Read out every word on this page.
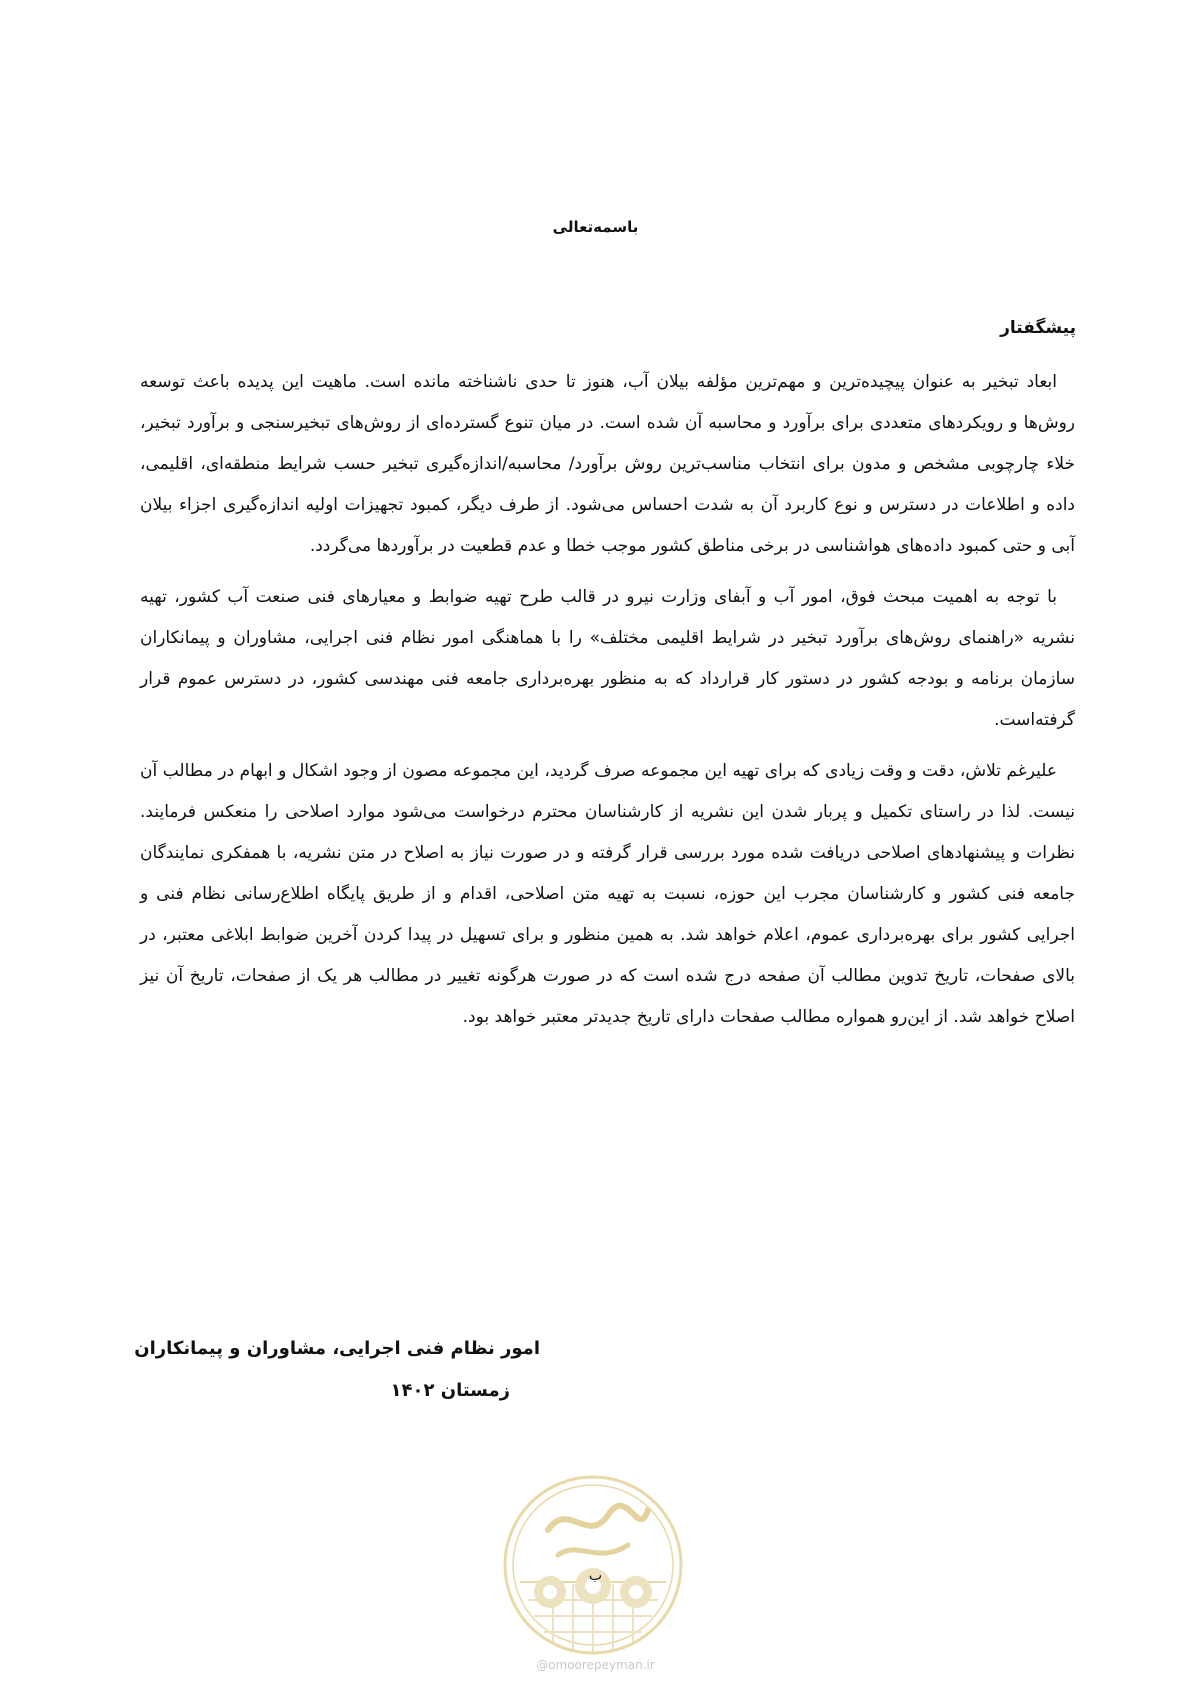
باسمه‌تعالی
پیشگفتار

ابعاد تبخیر به عنوان پیچیده‌ترین و مهم‌ترین مؤلفه بیلان آب، هنوز تا حدی ناشناخته مانده است. ماهیت این پدیده باعث توسعه روش‌ها و رویکردهای متعددی برای برآورد و محاسبه آن شده است. در میان تنوع گسترده‌ای از روش‌های تبخیرسنجی و برآورد تبخیر، خلاء چارچوبی مشخص و مدون برای انتخاب مناسب‌ترین روش برآورد/ محاسبه/اندازه‌گیری تبخیر حسب شرایط منطقه‌ای، اقلیمی، داده و اطلاعات در دسترس و نوع کاربرد آن به شدت احساس می‌شود. از طرف دیگر، کمبود تجهیزات اولیه اندازه‌گیری اجزاء بیلان آبی و حتی کمبود داده‌های هواشناسی در برخی مناطق کشور موجب خطا و عدم قطعیت در برآوردها می‌گردد.

با توجه به اهمیت مبحث فوق، امور آب و آبفای وزارت نیرو در قالب طرح تهیه ضوابط و معیارهای فنی صنعت آب کشور، تهیه نشریه «راهنمای روش‌های برآورد تبخیر در شرایط اقلیمی مختلف» را با هماهنگی امور نظام فنی اجرایی، مشاوران و پیمانکاران سازمان برنامه و بودجه کشور در دستور کار قرارداد که به منظور بهره‌برداری جامعه فنی مهندسی کشور، در دسترس عموم قرار گرفته‌است.

علیرغم تلاش، دقت و وقت زیادی که برای تهیه این مجموعه صرف گردید، این مجموعه مصون از وجود اشکال و ابهام در مطالب آن نیست. لذا در راستای تکمیل و پربار شدن این نشریه از کارشناسان محترم درخواست می‌شود موارد اصلاحی را منعکس فرمایند. نظرات و پیشنهادهای اصلاحی دریافت شده مورد بررسی قرار گرفته و در صورت نیاز به اصلاح در متن نشریه، با همفکری نمایندگان جامعه فنی کشور و کارشناسان مجرب این حوزه، نسبت به تهیه متن اصلاحی، اقدام و از طریق پایگاه اطلاع‌رسانی نظام فنی و اجرایی کشور برای بهره‌برداری عموم، اعلام خواهد شد. به همین منظور و برای تسهیل در پیدا کردن آخرین ضوابط ابلاغی معتبر، در بالای صفحات، تاریخ تدوین مطالب آن صفحه درج شده است که در صورت هرگونه تغییر در مطالب هر یک از صفحات، تاریخ آن نیز اصلاح خواهد شد. از این‌رو همواره مطالب صفحات دارای تاریخ جدیدتر معتبر خواهد بود.

امور نظام فنی اجرایی، مشاوران و پیمانکاران
زمستان ۱۴۰۲
ب
@omoorepeyman.ir
